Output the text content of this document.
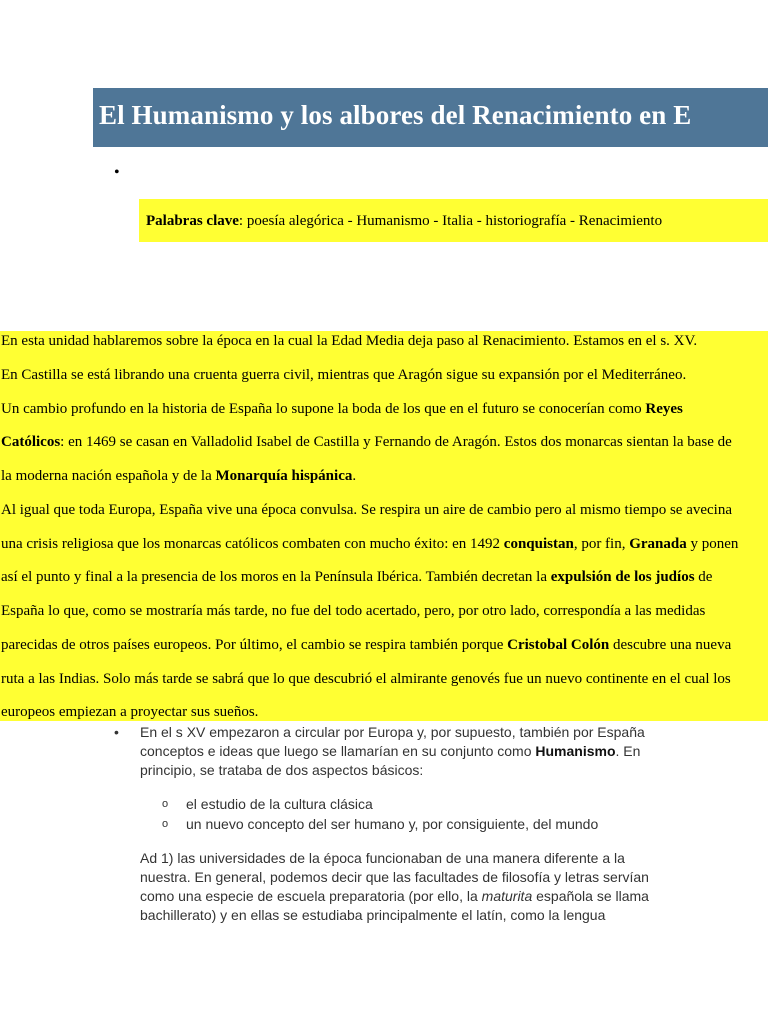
El Humanismo y los albores del Renacimiento en E
•
Palabras clave: poesía alegórica - Humanismo - Italia - historiografía - Renacimiento

En esta unidad hablaremos sobre la época en la cual la Edad Media deja paso al Renacimiento. Estamos en el s. XV.

En Castilla se está librando una cruenta guerra civil, mientras que Aragón sigue su expansión por el Mediterráneo.

Un cambio profundo en la historia de España lo supone la boda de los que en el futuro se conocerían como Reyes

Católicos: en 1469 se casan en Valladolid Isabel de Castilla y Fernando de Aragón. Estos dos monarcas sientan la base de

la moderna nación española y de la Monarquía hispánica.

Al igual que toda Europa, España vive una época convulsa. Se respira un aire de cambio pero al mismo tiempo se avecina

una crisis religiosa que los monarcas católicos combaten con mucho éxito: en 1492 conquistan, por fin, Granada y ponen

así el punto y final a la presencia de los moros en la Península Ibérica. También decretan la expulsión de los judíos de

España lo que, como se mostraría más tarde, no fue del todo acertado, pero, por otro lado, correspondía a las medidas

parecidas de otros países europeos. Por último, el cambio se respira también porque Cristobal Colón descubre una nueva

ruta a las Indias. Solo más tarde se sabrá que lo que descubrió el almirante genovés fue un nuevo continente en el cual los

europeos empiezan a proyectar sus sueños.

• En el s XV empezaron a circular por Europa y, por supuesto, también por España
conceptos e ideas que luego se llamarían en su conjunto como Humanismo. En
principio, se trataba de dos aspectos básicos:
o el estudio de la cultura clásica
o un nuevo concepto del ser humano y, por consiguiente, del mundo
Ad 1) las universidades de la época funcionaban de una manera diferente a la
nuestra. En general, podemos decir que las facultades de filosofía y letras servían
como una especie de escuela preparatoria (por ello, la maturita española se llama
bachillerato) y en ellas se estudiaba principalmente el latín, como la lengua
